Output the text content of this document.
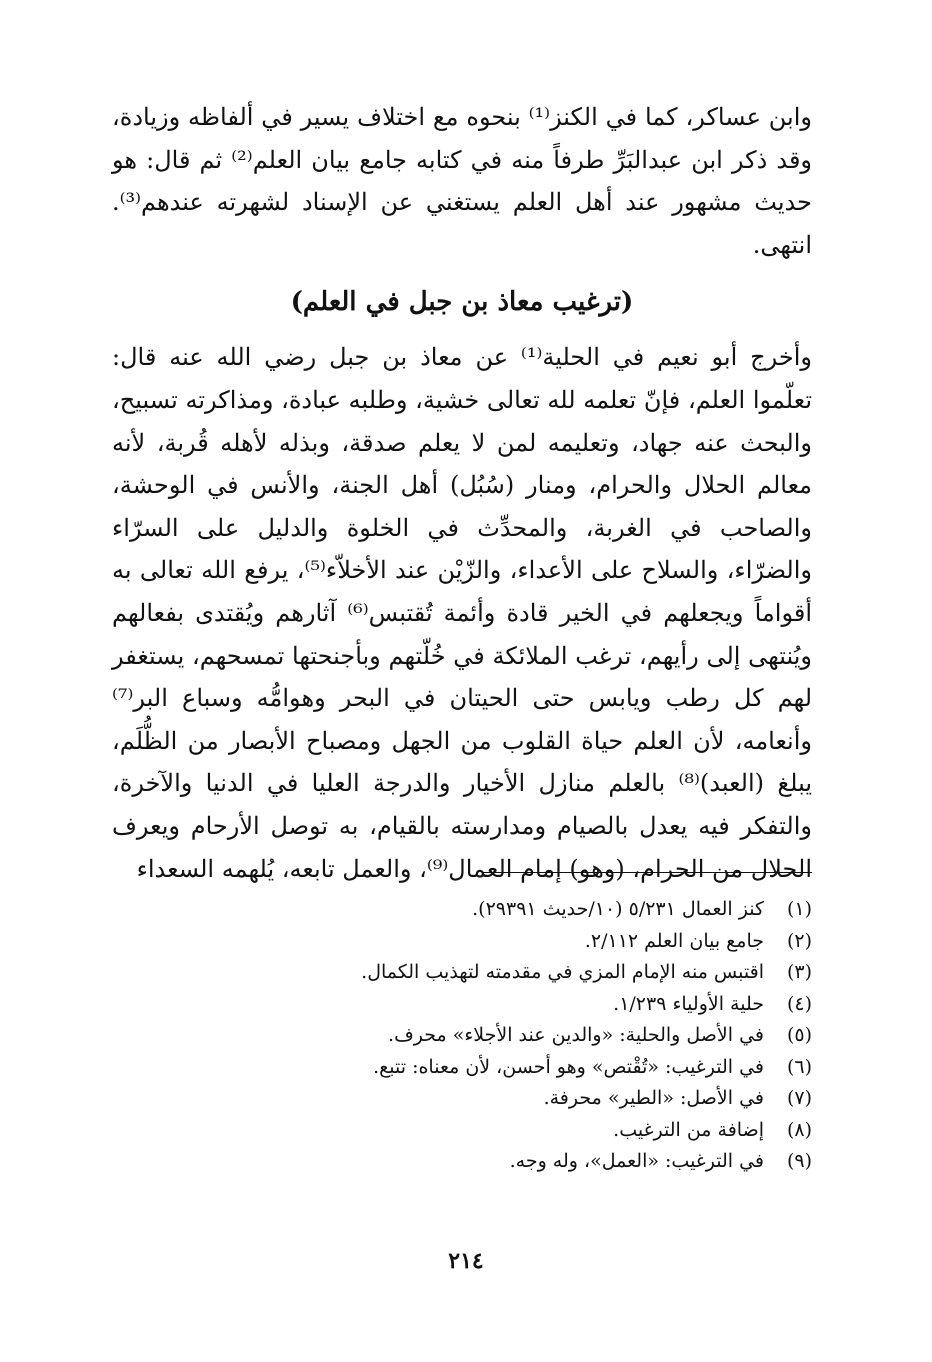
وابن عساكر، كما في الكنز⁽¹⁾ بنحوه مع اختلاف يسير في ألفاظه وزيادة، وقد ذكر ابن عبدالبَرِّ طرفاً منه في كتابه جامع بيان العلم⁽²⁾ ثم قال: هو حديث مشهور عند أهل العلم يستغني عن الإسناد لشهرته عندهم⁽³⁾. انتهى.

(ترغيب معاذ بن جبل في العلم)

وأخرج أبو نعيم في الحلية⁽¹⁾ عن معاذ بن جبل رضي الله عنه قال: تعلّموا العلم، فإنّ تعلمه لله تعالى خشية، وطلبه عبادة، ومذاكرته تسبيح، والبحث عنه جهاد، وتعليمه لمن لا يعلم صدقة، وبذله لأهله قُربة، لأنه معالم الحلال والحرام، ومنار (سُبُل) أهل الجنة، والأنس في الوحشة، والصاحب في الغربة، والمحدِّث في الخلوة والدليل على السرّاء والضرّاء، والسلاح على الأعداء، والزّيْن عند الأخلاّء⁽⁵⁾، يرفع الله تعالى به أقواماً ويجعلهم في الخير قادة وأئمة تُقتبس⁽⁶⁾ آثارهم ويُقتدى بفعالهم ويُنتهى إلى رأيهم، ترغب الملائكة في خُلّتهم وبأجنحتها تمسحهم، يستغفر لهم كل رطب ويابس حتى الحيتان في البحر وهوامُّه وسباع البر⁽⁷⁾ وأنعامه، لأن العلم حياة القلوب من الجهل ومصباح الأبصار من الظُّلَم، يبلغ (العبد)⁽⁸⁾ بالعلم منازل الأخيار والدرجة العليا في الدنيا والآخرة، والتفكر فيه يعدل بالصيام ومدارسته بالقيام، به توصل الأرحام ويعرف الحلال من الحرام، (وهو) إمام العمال⁽⁹⁾، والعمل تابعه، يُلهمه السعداء

(١)
كنز العمال ٥/٢٣١ (١٠/حديث ٢٩٣٩١).
(٢)
جامع بيان العلم ٢/١١٢.
(٣)
اقتبس منه الإمام المزي في مقدمته لتهذيب الكمال.
(٤)
حلية الأولياء ١/٢٣٩.
(٥)
في الأصل والحلية: «والدين عند الأجلاء» محرف.
(٦)
في الترغيب: «تُقْتص» وهو أحسن، لأن معناه: تتبع.
(٧)
في الأصل: «الطير» محرفة.
(٨)
إضافة من الترغيب.
(٩)
في الترغيب: «العمل»، وله وجه.
٢١٤
